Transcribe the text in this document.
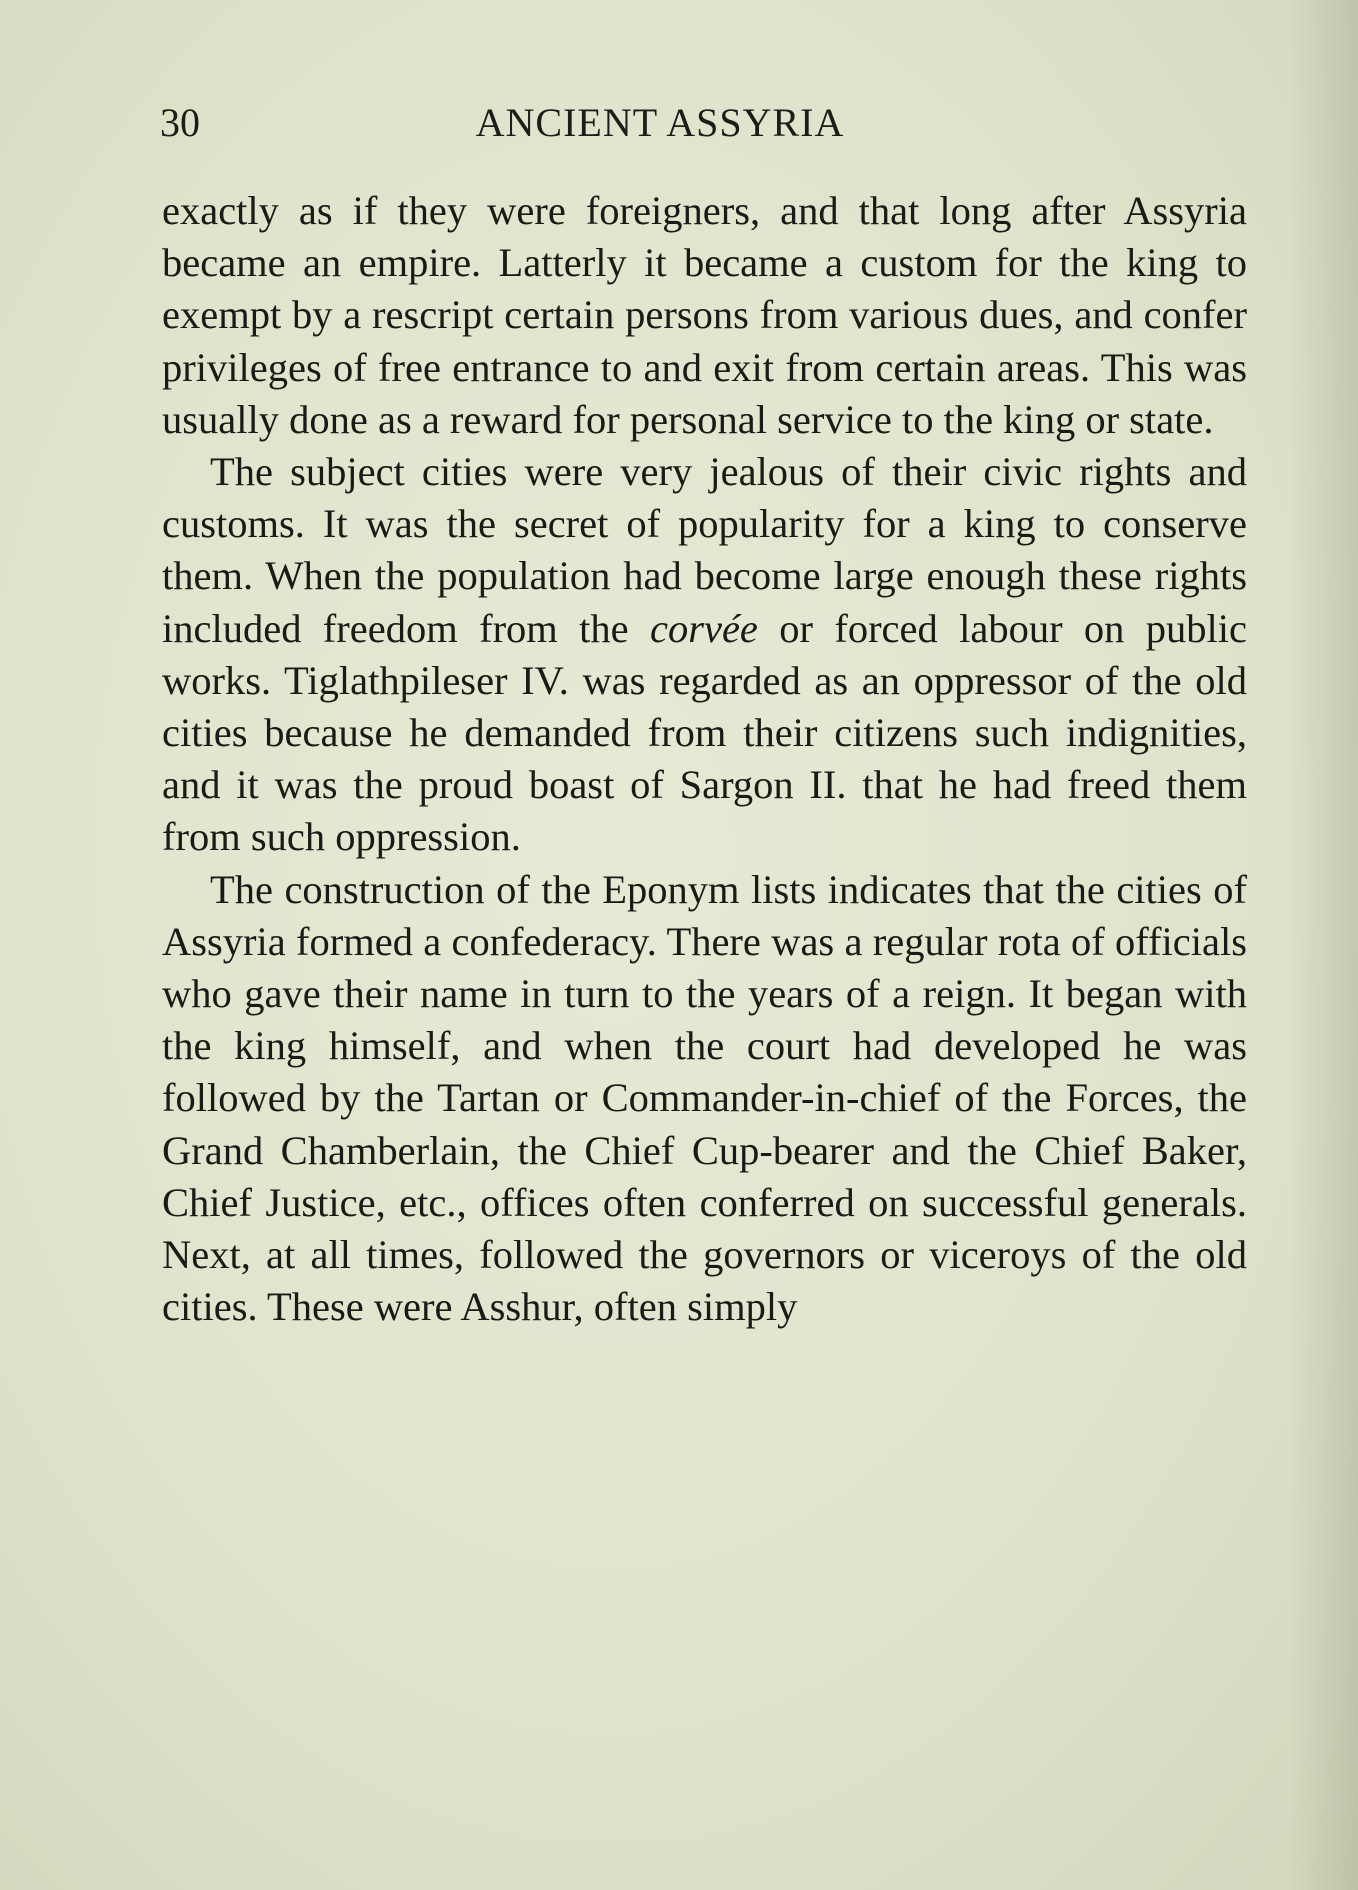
30	ANCIENT ASSYRIA

exactly as if they were foreigners, and that long after Assyria became an empire. Latterly it became a custom for the king to exempt by a rescript certain persons from various dues, and confer privileges of free entrance to and exit from certain areas. This was usually done as a reward for personal service to the king or state.

The subject cities were very jealous of their civic rights and customs. It was the secret of popularity for a king to conserve them. When the population had become large enough these rights included freedom from the corvée or forced labour on public works. Tiglathpileser IV. was regarded as an oppressor of the old cities because he demanded from their citizens such indignities, and it was the proud boast of Sargon II. that he had freed them from such oppression.

The construction of the Eponym lists indicates that the cities of Assyria formed a confederacy. There was a regular rota of officials who gave their name in turn to the years of a reign. It began with the king himself, and when the court had developed he was followed by the Tartan or Commander-in-chief of the Forces, the Grand Chamberlain, the Chief Cup-bearer and the Chief Baker, Chief Justice, etc., offices often conferred on successful generals. Next, at all times, followed the governors or viceroys of the old cities. These were Asshur, often simply
